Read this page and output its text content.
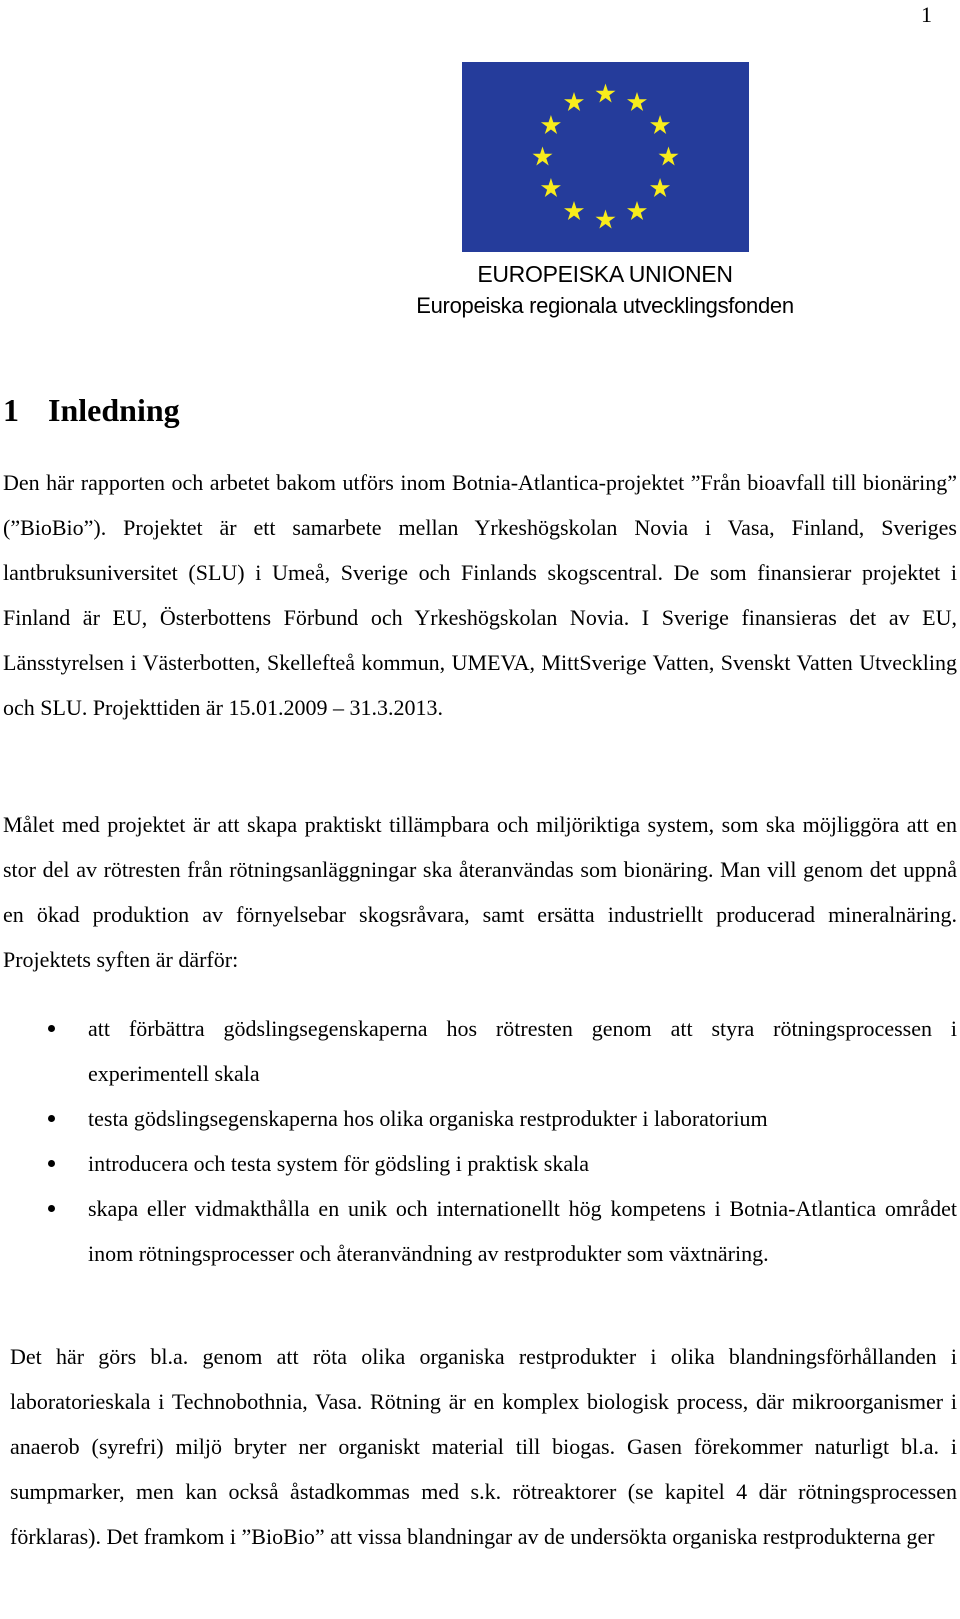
1
EUROPEISKA UNIONEN
Europeiska regionala utvecklingsfonden
1 Inledning

Den här rapporten och arbetet bakom utförs inom Botnia-Atlantica-projektet ”Från bioavfall till bionäring” (”BioBio”). Projektet är ett samarbete mellan Yrkeshögskolan Novia i Vasa, Finland, Sveriges lantbruksuniversitet (SLU) i Umeå, Sverige och Finlands skogscentral. De som finansierar projektet i Finland är EU, Österbottens Förbund och Yrkeshögskolan Novia. I Sverige finansieras det av EU, Länsstyrelsen i Västerbotten, Skellefteå kommun, UMEVA, MittSverige Vatten, Svenskt Vatten Utveckling och SLU. Projekttiden är 15.01.2009 – 31.3.2013.

Målet med projektet är att skapa praktiskt tillämpbara och miljöriktiga system, som ska möjliggöra att en stor del av rötresten från rötningsanläggningar ska återanvändas som bionäring. Man vill genom det uppnå en ökad produktion av förnyelsebar skogsråvara, samt ersätta industriellt producerad mineralnäring. Projektets syften är därför:

att förbättra gödslingsegenskaperna hos rötresten genom att styra rötningsprocessen i experimentell skala
testa gödslingsegenskaperna hos olika organiska restprodukter i laboratorium
introducera och testa system för gödsling i praktisk skala
skapa eller vidmakthålla en unik och internationellt hög kompetens i Botnia-Atlantica området inom rötningsprocesser och återanvändning av restprodukter som växtnäring.

Det här görs bl.a. genom att röta olika organiska restprodukter i olika blandningsförhållanden i laboratorieskala i Technobothnia, Vasa. Rötning är en komplex biologisk process, där mikroorganismer i anaerob (syrefri) miljö bryter ner organiskt material till biogas. Gasen förekommer naturligt bl.a. i sumpmarker, men kan också åstadkommas med s.k. rötreaktorer (se kapitel 4 där rötningsprocessen förklaras). Det framkom i ”BioBio” att vissa blandningar av de undersökta organiska restprodukterna ger
